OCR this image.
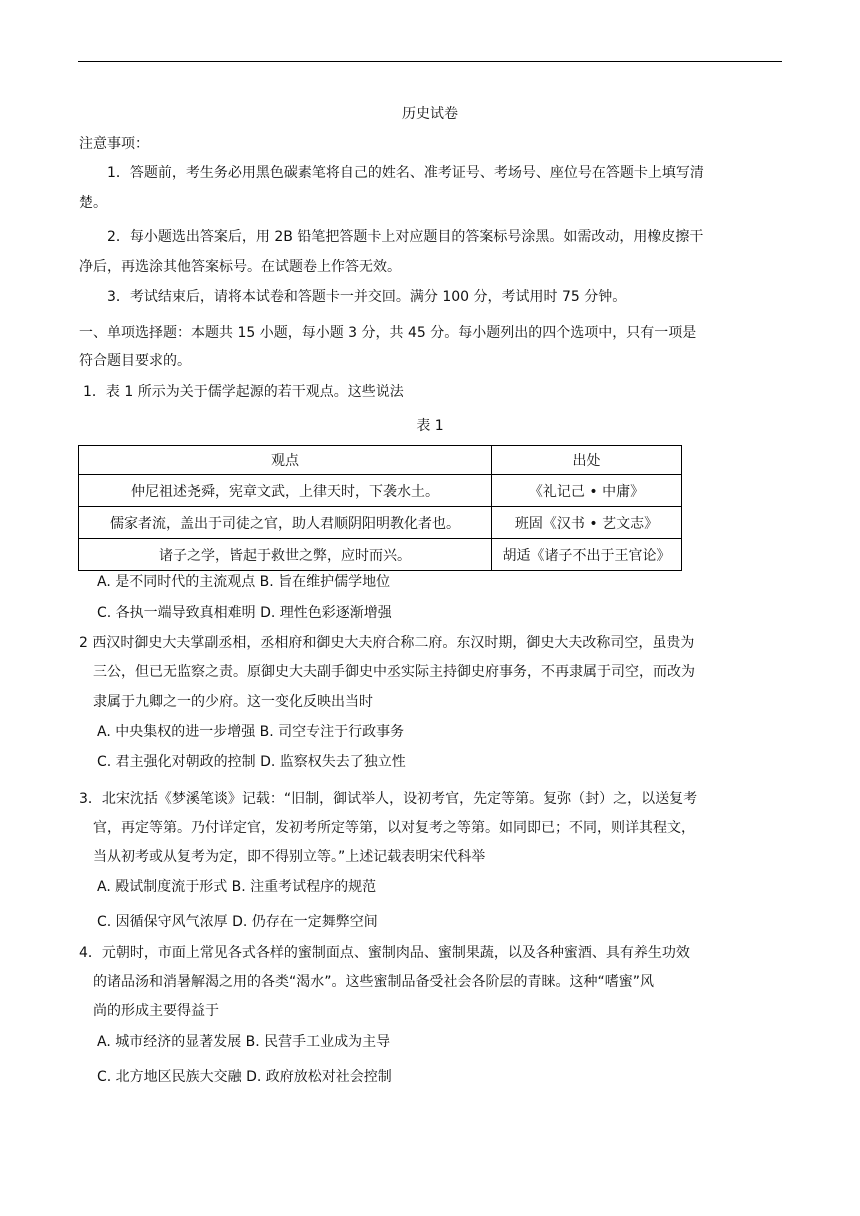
历史试卷
注意事项：
1．答题前，考生务必用黑色碳素笔将自己的姓名、准考证号、考场号、座位号在答题卡上填写清
楚。
2．每小题选出答案后，用 2B 铅笔把答题卡上对应题目的答案标号涂黑。如需改动，用橡皮擦干
净后，再选涂其他答案标号。在试题卷上作答无效。
3．考试结束后，请将本试卷和答题卡一并交回。满分 100 分，考试用时 75 分钟。
一、单项选择题：本题共 15 小题，每小题 3 分，共 45 分。每小题列出的四个选项中，只有一项是
符合题目要求的。
1．表 1 所示为关于儒学起源的若干观点。这些说法
表 1
观点	出处
仲尼祖述尧舜，宪章文武，上律天时，下袭水土。	《礼记己 • 中庸》
儒家者流，盖出于司徒之官，助人君顺阴阳明教化者也。	班固《汉书 • 艺文志》
诸子之学，皆起于救世之弊，应时而兴。	胡适《诸子不出于王官论》
A. 是不同时代的主流观点 B. 旨在维护儒学地位
C. 各执一端导致真相难明 D. 理性色彩逐渐增强
2 西汉时御史大夫掌副丞相，丞相府和御史大夫府合称二府。东汉时期，御史大夫改称司空，虽贵为
三公，但已无监察之责。原御史大夫副手御史中丞实际主持御史府事务，不再隶属于司空，而改为
隶属于九卿之一的少府。这一变化反映出当时
A. 中央集权的进一步增强 B. 司空专注于行政事务
C. 君主强化对朝政的控制 D. 监察权失去了独立性
3．北宋沈括《梦溪笔谈》记载：“旧制，御试举人，设初考官，先定等第。复弥（封）之，以送复考
官，再定等第。乃付详定官，发初考所定等第，以对复考之等第。如同即已；不同，则详其程文，
当从初考或从复考为定，即不得别立等。”上述记载表明宋代科举
A. 殿试制度流于形式 B. 注重考试程序的规范
C. 因循保守风气浓厚 D. 仍存在一定舞弊空间
4．元朝时，市面上常见各式各样的蜜制面点、蜜制肉品、蜜制果蔬，以及各种蜜酒、具有养生功效
的诸品汤和消暑解渴之用的各类“渴水”。这些蜜制品备受社会各阶层的青睐。这种“嗜蜜”风
尚的形成主要得益于
A. 城市经济的显著发展 B. 民营手工业成为主导
C. 北方地区民族大交融 D. 政府放松对社会控制
